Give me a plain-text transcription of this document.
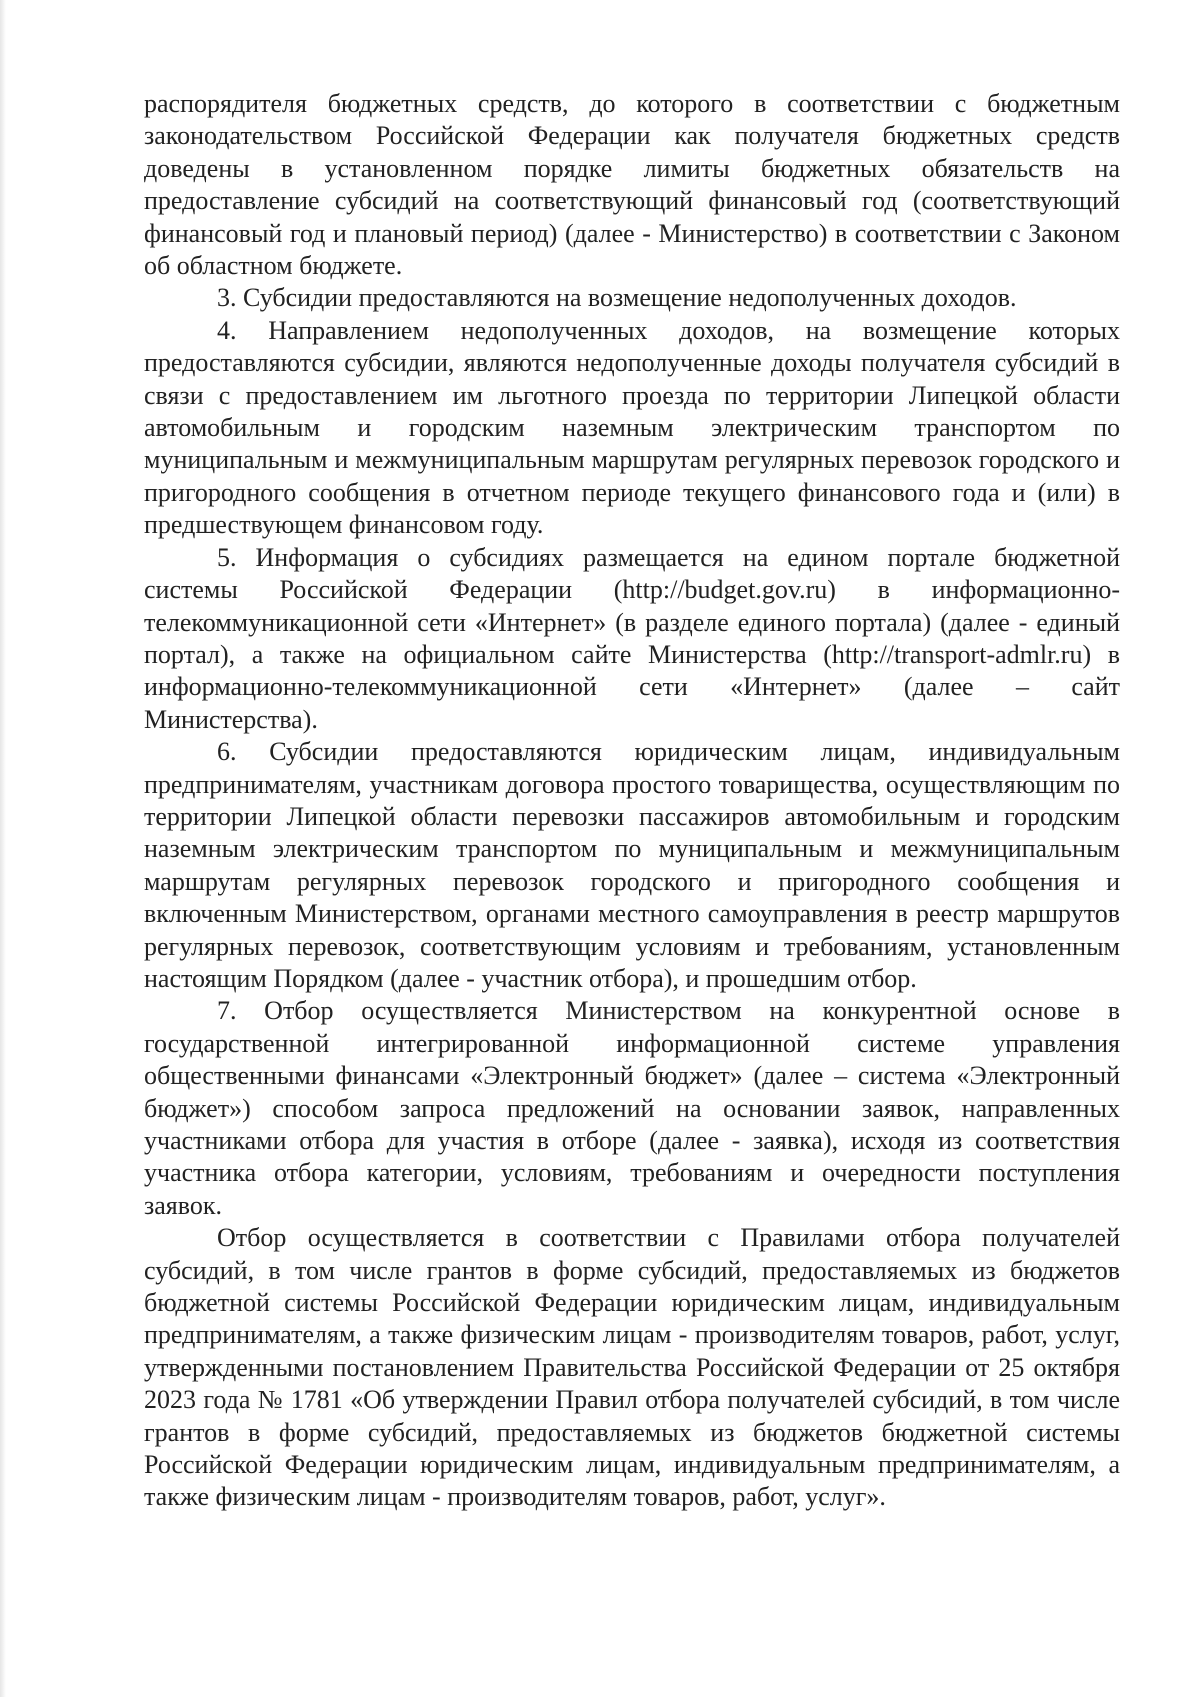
распорядителя бюджетных средств, до которого в соответствии с бюджетным законодательством Российской Федерации как получателя бюджетных средств доведены в установленном порядке лимиты бюджетных обязательств на предоставление субсидий на соответствующий финансовый год (соответствующий финансовый год и плановый период) (далее - Министерство) в соответствии с Законом об областном бюджете.

3. Субсидии предоставляются на возмещение недополученных доходов.

4. Направлением недополученных доходов, на возмещение которых предоставляются субсидии, являются недополученные доходы получателя субсидий в связи с предоставлением им льготного проезда по территории Липецкой области автомобильным и городским наземным электрическим транспортом по муниципальным и межмуниципальным маршрутам регулярных перевозок городского и пригородного сообщения в отчетном периоде текущего финансового года и (или) в предшествующем финансовом году.

5. Информация о субсидиях размещается на едином портале бюджетной системы Российской Федерации (http://budget.gov.ru) в информационно-телекоммуникационной сети «Интернет» (в разделе единого портала) (далее - единый портал), а также на официальном сайте Министерства (http://transport-admlr.ru) в информационно-телекоммуникационной сети «Интернет» (далее – сайт Министерства).

6. Субсидии предоставляются юридическим лицам, индивидуальным предпринимателям, участникам договора простого товарищества, осуществляющим по территории Липецкой области перевозки пассажиров автомобильным и городским наземным электрическим транспортом по муниципальным и межмуниципальным маршрутам регулярных перевозок городского и пригородного сообщения и включенным Министерством, органами местного самоуправления в реестр маршрутов регулярных перевозок, соответствующим условиям и требованиям, установленным настоящим Порядком (далее - участник отбора), и прошедшим отбор.

7. Отбор осуществляется Министерством на конкурентной основе в государственной интегрированной информационной системе управления общественными финансами «Электронный бюджет» (далее – система «Электронный бюджет») способом запроса предложений на основании заявок, направленных участниками отбора для участия в отборе (далее - заявка), исходя из соответствия участника отбора категории, условиям, требованиям и очередности поступления заявок.

Отбор осуществляется в соответствии с Правилами отбора получателей субсидий, в том числе грантов в форме субсидий, предоставляемых из бюджетов бюджетной системы Российской Федерации юридическим лицам, индивидуальным предпринимателям, а также физическим лицам - производителям товаров, работ, услуг, утвержденными постановлением Правительства Российской Федерации от 25 октября 2023 года № 1781 «Об утверждении Правил отбора получателей субсидий, в том числе грантов в форме субсидий, предоставляемых из бюджетов бюджетной системы Российской Федерации юридическим лицам, индивидуальным предпринимателям, а также физическим лицам - производителям товаров, работ, услуг».
